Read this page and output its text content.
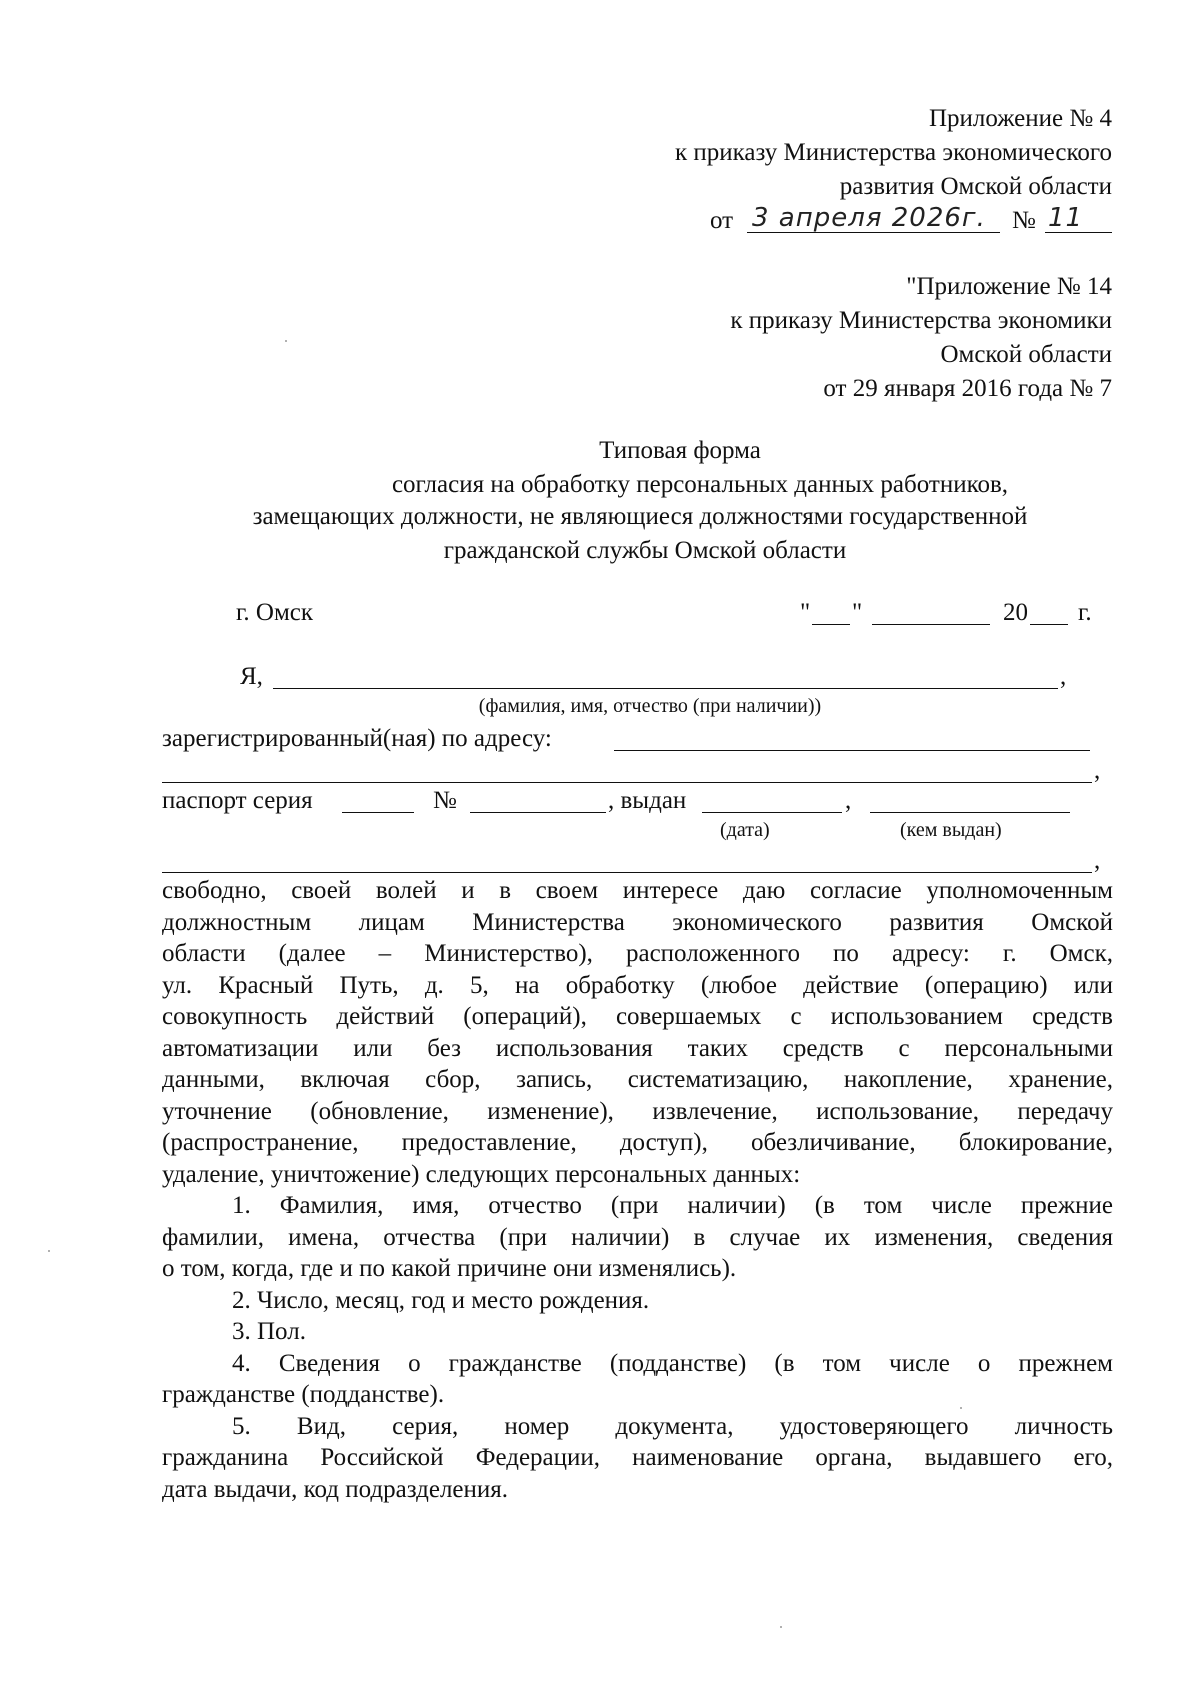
Приложение № 4
к приказу Министерства экономического
развития Омской области
от 3 апреля 2026г. № 11
"Приложение № 14
к приказу Министерства экономики
Омской области
от 29 января 2016 года № 7
Типовая форма
согласия на обработку персональных данных работников,
замещающих должности, не являющиеся должностями государственной
гражданской службы Омской области
г. Омск	" "	20 г.
Я,	,
(фамилия, имя, отчество (при наличии))
зарегистрированный(ная) по адресу:
,
паспорт серия	№	, выдан	,
(дата)	(кем выдан)
,
свободно, своей волей и в своем интересе даю согласие уполномоченным
должностным лицам Министерства экономического развития Омской
области (далее – Министерство), расположенного по адресу: г. Омск,
ул. Красный Путь, д. 5, на обработку (любое действие (операцию) или
совокупность действий (операций), совершаемых с использованием средств
автоматизации или без использования таких средств с персональными
данными, включая сбор, запись, систематизацию, накопление, хранение,
уточнение (обновление, изменение), извлечение, использование, передачу
(распространение, предоставление, доступ), обезличивание, блокирование,
удаление, уничтожение) следующих персональных данных:
1. Фамилия, имя, отчество (при наличии) (в том числе прежние
фамилии, имена, отчества (при наличии) в случае их изменения, сведения
о том, когда, где и по какой причине они изменялись).
2. Число, месяц, год и место рождения.
3. Пол.
4. Сведения о гражданстве (подданстве) (в том числе о прежнем
гражданстве (подданстве).
5. Вид, серия, номер документа, удостоверяющего личность
гражданина Российской Федерации, наименование органа, выдавшего его,
дата выдачи, код подразделения.
